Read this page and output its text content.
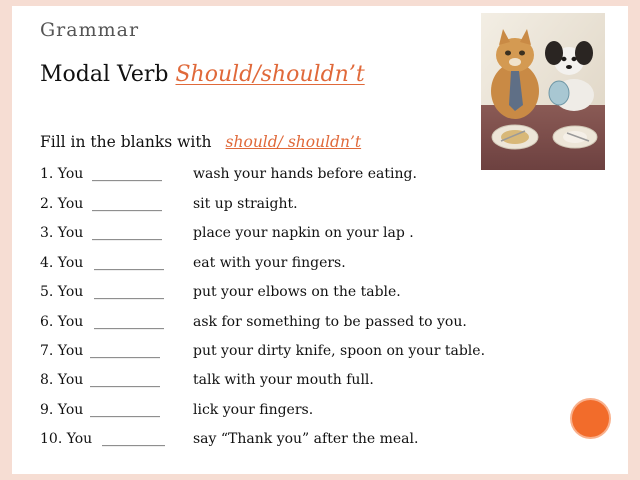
Grammar
Modal Verb Should/shouldn’t
Fill in the blanks with should/ shouldn’t
1. You __________ wash your hands before eating.
2. You __________ sit up straight.
3. You __________ place your napkin on your lap .
4. You __________ eat with your fingers.
5. You __________ put your elbows on the table.
6. You __________ ask for something to be passed to you.
7. You __________ put your dirty knife, spoon on your table.
8. You __________ talk with your mouth full.
9. You __________ lick your fingers.
10. You _________ say “Thank you” after the meal.
